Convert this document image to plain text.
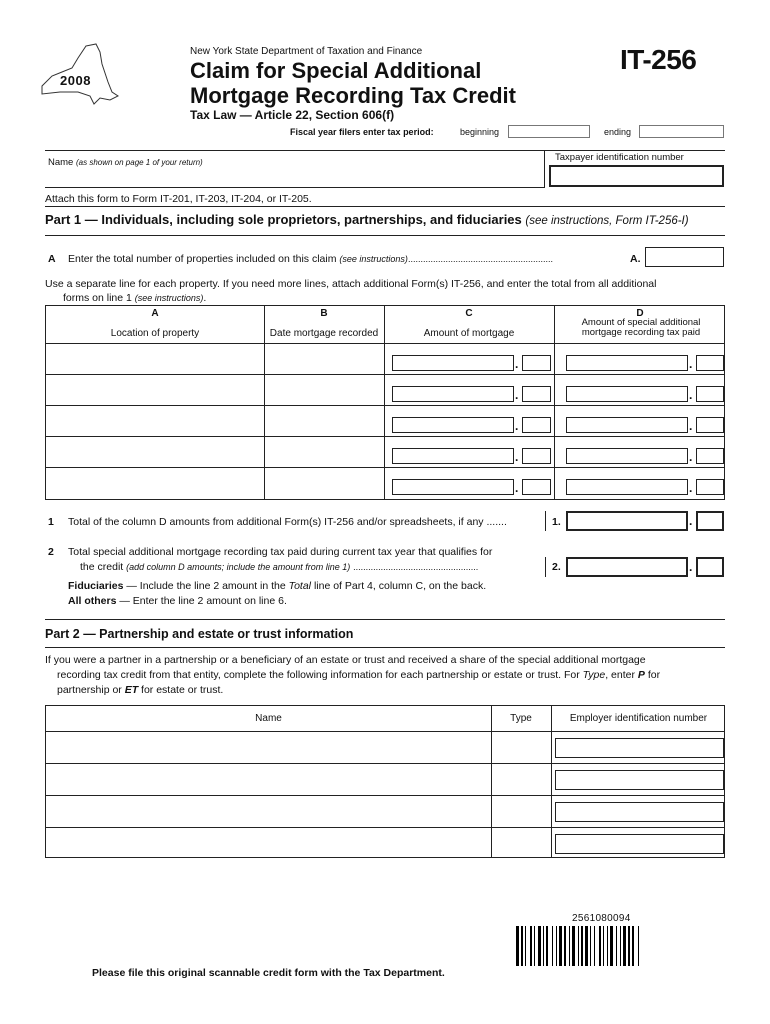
2008
New York State Department of Taxation and Finance
Claim for Special Additional
Mortgage Recording Tax Credit
Tax Law — Article 22, Section 606(f)
IT-256
Fiscal year filers enter tax period:	beginning	ending
Name (as shown on page 1 of your return)	Taxpayer identification number
Attach this form to Form IT-201, IT-203, IT-204, or IT-205.
Part 1 — Individuals, including sole proprietors, partnerships, and fiduciaries (see instructions, Form IT-256-I)
A Enter the total number of properties included on this claim (see instructions)..........................................................	A.
Use a separate line for each property. If you need more lines, attach additional Form(s) IT-256, and enter the total from all additional
forms on line 1 (see instructions).
A
Location of property
B
Date mortgage recorded
C
Amount of mortgage
D
Amount of special additional mortgage recording tax paid
.	.
.	.
.	.
.	.
.	.
1 Total of the column D amounts from additional Form(s) IT-256 and/or spreadsheets, if any .......	1.	.
2 Total special additional mortgage recording tax paid during current tax year that qualifies for
the credit (add column D amounts; include the amount from line 1) ..................................................	2.	.
Fiduciaries — Include the line 2 amount in the Total line of Part 4, column C, on the back.
All others — Enter the line 2 amount on line 6.
Part 2 — Partnership and estate or trust information
If you were a partner in a partnership or a beneficiary of an estate or trust and received a share of the special additional mortgage
recording tax credit from that entity, complete the following information for each partnership or estate or trust. For Type, enter P for
partnership or ET for estate or trust.
Name	Type	Employer identification number
2561080094
Please file this original scannable credit form with the Tax Department.
